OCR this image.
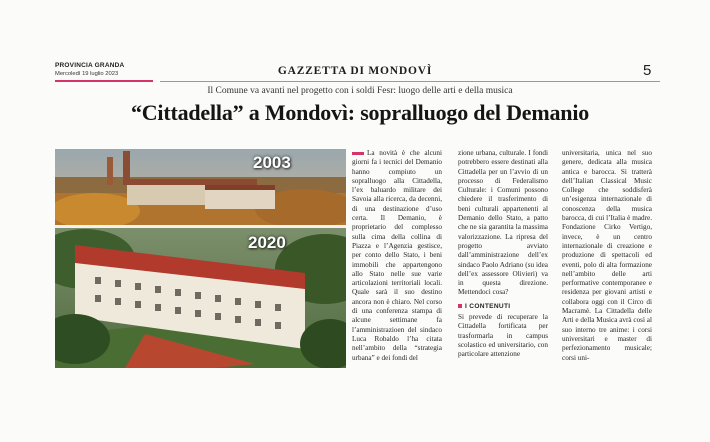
PROVINCIA GRANDA
Mercoledì 19 luglio 2023	GAZZETTA DI MONDOVÌ	5
Il Comune va avanti nel progetto con i soldi Fesr: luogo delle arti e della musica
“Cittadella” a Mondovì: sopralluogo del Demanio
2003
2020

La novità è che alcuni giorni fa i tecnici del Demanio hanno compiuto un sopralluogo alla Cittadella, l’ex baluardo militare dei Savoia alla ricerca, da decenni, di una destinazione d’uso certa. Il Demanio, è proprietario del complesso sulla cima della collina di Piazza e l’Agenzia gestisce, per conto dello Stato, i beni immobili che appartengono allo Stato nelle sue varie articolazioni territoriali locali. Quale sarà il suo destino ancora non è chiaro. Nel corso di una conferenza stampa di alcune settimane fa l’amministrazioen del sindaco Luca Robaldo l’ha citata nell’ambito della “strategia urbana” e dei fondi del

zione urbana, culturale. I fondi potrebbero essere destinati alla Cittadella per un l’avvio di un processo di Federalismo Culturale: i Comuni possono chiedere il trasferimento di beni culturali appartenenti al Demanio dello Stato, a patto che ne sia garantita la massima valorizzazione. La ripresa del progetto avviato dall’amministrazione dell’ex sindaco Paolo Adriano (su idea dell’ex assessore Olivieri) va in questa direzione. Mettendoci cosa?

I CONTENUTI

Si prevede di recuperare la Cittadella fortificata per trasformarla in campus scolastico ed universitario, con particolare attenzione

universitaria, unica nel suo genere, dedicata alla musica antica e barocca. Si tratterà dell’Italian Classical Music College che soddisferà un’esigenza internazionale di conoscenza della musica barocca, di cui l’Italia è madre. Fondazione Cirko Vertigo, invece, è un centro internazionale di creazione e produzione di spettacoli ed eventi, polo di alta formazione nell’ambito delle arti performative contemporanee e residenza per giovani artisti e collabora oggi con il Circo di Macramè. La Cittadella delle Arti e della Musica avrà così al suo interno tre anime: i corsi universitari e master di perfezionamento musicale; corsi uni-
